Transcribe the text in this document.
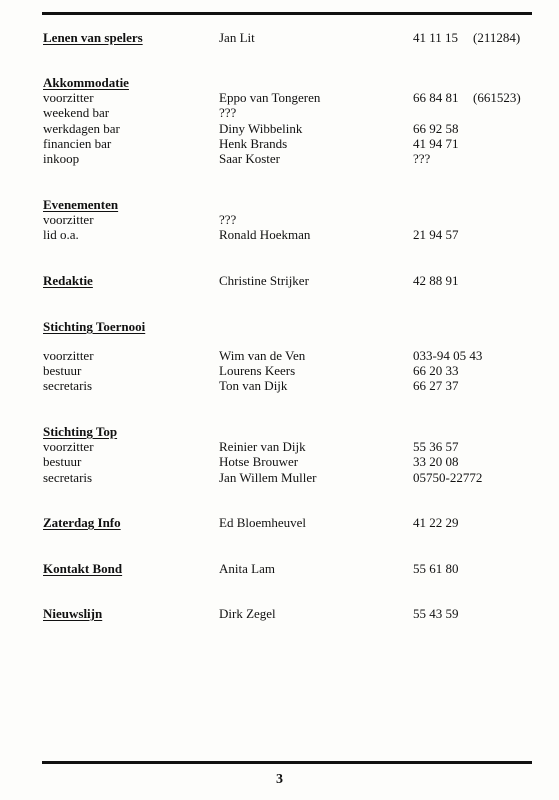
Lenen van spelers	Jan Lit	41 11 15 (211284)
Akkommodatie
voorzitter	Eppo van Tongeren	66 84 81 (661523)
weekend bar	???
werkdagen bar	Diny Wibbelink	66 92 58
financien bar	Henk Brands	41 94 71
inkoop	Saar Koster	???
Evenementen
voorzitter	???
lid o.a.	Ronald Hoekman	21 94 57
Redaktie	Christine Strijker	42 88 91
Stichting Toernooi
voorzitter	Wim van de Ven	033-94 05 43
bestuur	Lourens Keers	66 20 33
secretaris	Ton van Dijk	66 27 37
Stichting Top
voorzitter	Reinier van Dijk	55 36 57
bestuur	Hotse Brouwer	33 20 08
secretaris	Jan Willem Muller	05750-22772
Zaterdag Info	Ed Bloemheuvel	41 22 29
Kontakt Bond	Anita Lam	55 61 80
Nieuwslijn	Dirk Zegel	55 43 59
3
